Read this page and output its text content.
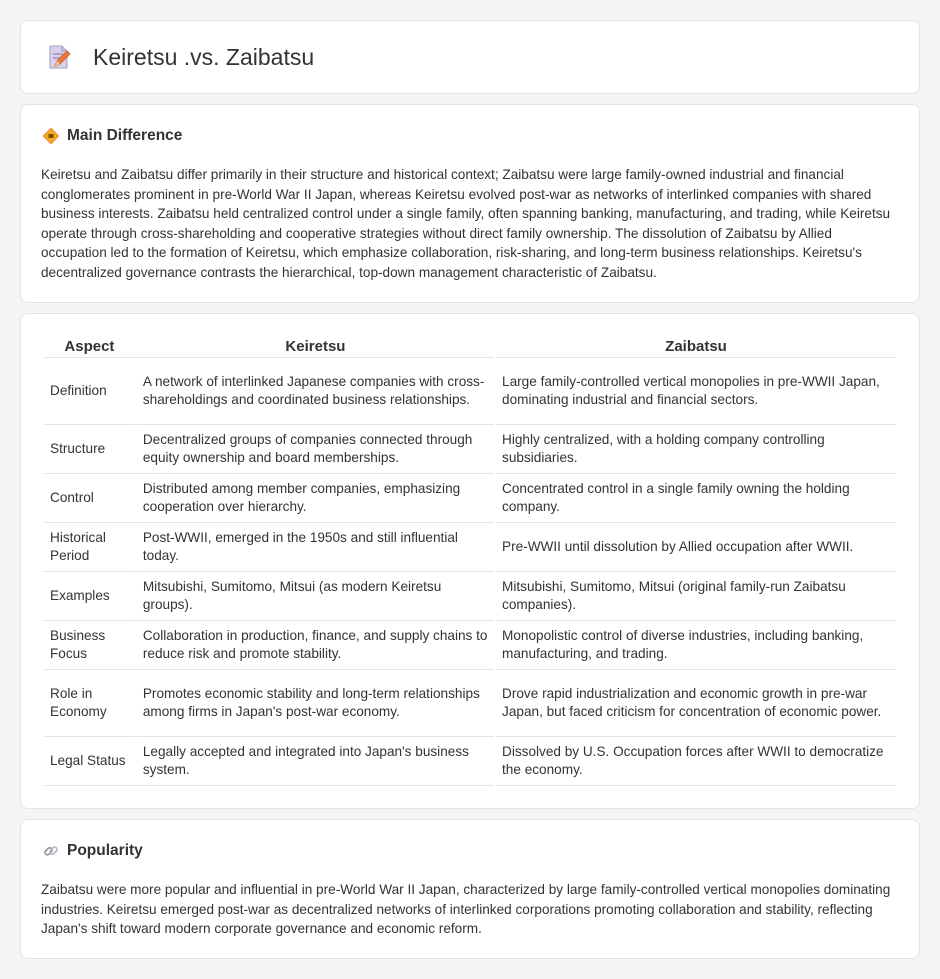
Keiretsu .vs. Zaibatsu
Main Difference

Keiretsu and Zaibatsu differ primarily in their structure and historical context; Zaibatsu were large family-owned industrial and financial conglomerates prominent in pre-World War II Japan, whereas Keiretsu evolved post-war as networks of interlinked companies with shared business interests. Zaibatsu held centralized control under a single family, often spanning banking, manufacturing, and trading, while Keiretsu operate through cross-shareholding and cooperative strategies without direct family ownership. The dissolution of Zaibatsu by Allied occupation led to the formation of Keiretsu, which emphasize collaboration, risk-sharing, and long-term business relationships. Keiretsu's decentralized governance contrasts the hierarchical, top-down management characteristic of Zaibatsu.

Aspect	Keiretsu	Zaibatsu
Definition	A network of interlinked Japanese companies with cross-shareholdings and coordinated business relationships.	Large family-controlled vertical monopolies in pre-WWII Japan, dominating industrial and financial sectors.
Structure	Decentralized groups of companies connected through equity ownership and board memberships.	Highly centralized, with a holding company controlling subsidiaries.
Control	Distributed among member companies, emphasizing cooperation over hierarchy.	Concentrated control in a single family owning the holding company.
Historical Period	Post-WWII, emerged in the 1950s and still influential today.	Pre-WWII until dissolution by Allied occupation after WWII.
Examples	Mitsubishi, Sumitomo, Mitsui (as modern Keiretsu groups).	Mitsubishi, Sumitomo, Mitsui (original family-run Zaibatsu companies).
Business Focus	Collaboration in production, finance, and supply chains to reduce risk and promote stability.	Monopolistic control of diverse industries, including banking, manufacturing, and trading.
Role in Economy	Promotes economic stability and long-term relationships among firms in Japan's post-war economy.	Drove rapid industrialization and economic growth in pre-war Japan, but faced criticism for concentration of economic power.
Legal Status	Legally accepted and integrated into Japan's business system.	Dissolved by U.S. Occupation forces after WWII to democratize the economy.
Popularity

Zaibatsu were more popular and influential in pre-World War II Japan, characterized by large family-controlled vertical monopolies dominating industries. Keiretsu emerged post-war as decentralized networks of interlinked corporations promoting collaboration and stability, reflecting Japan's shift toward modern corporate governance and economic reform.
